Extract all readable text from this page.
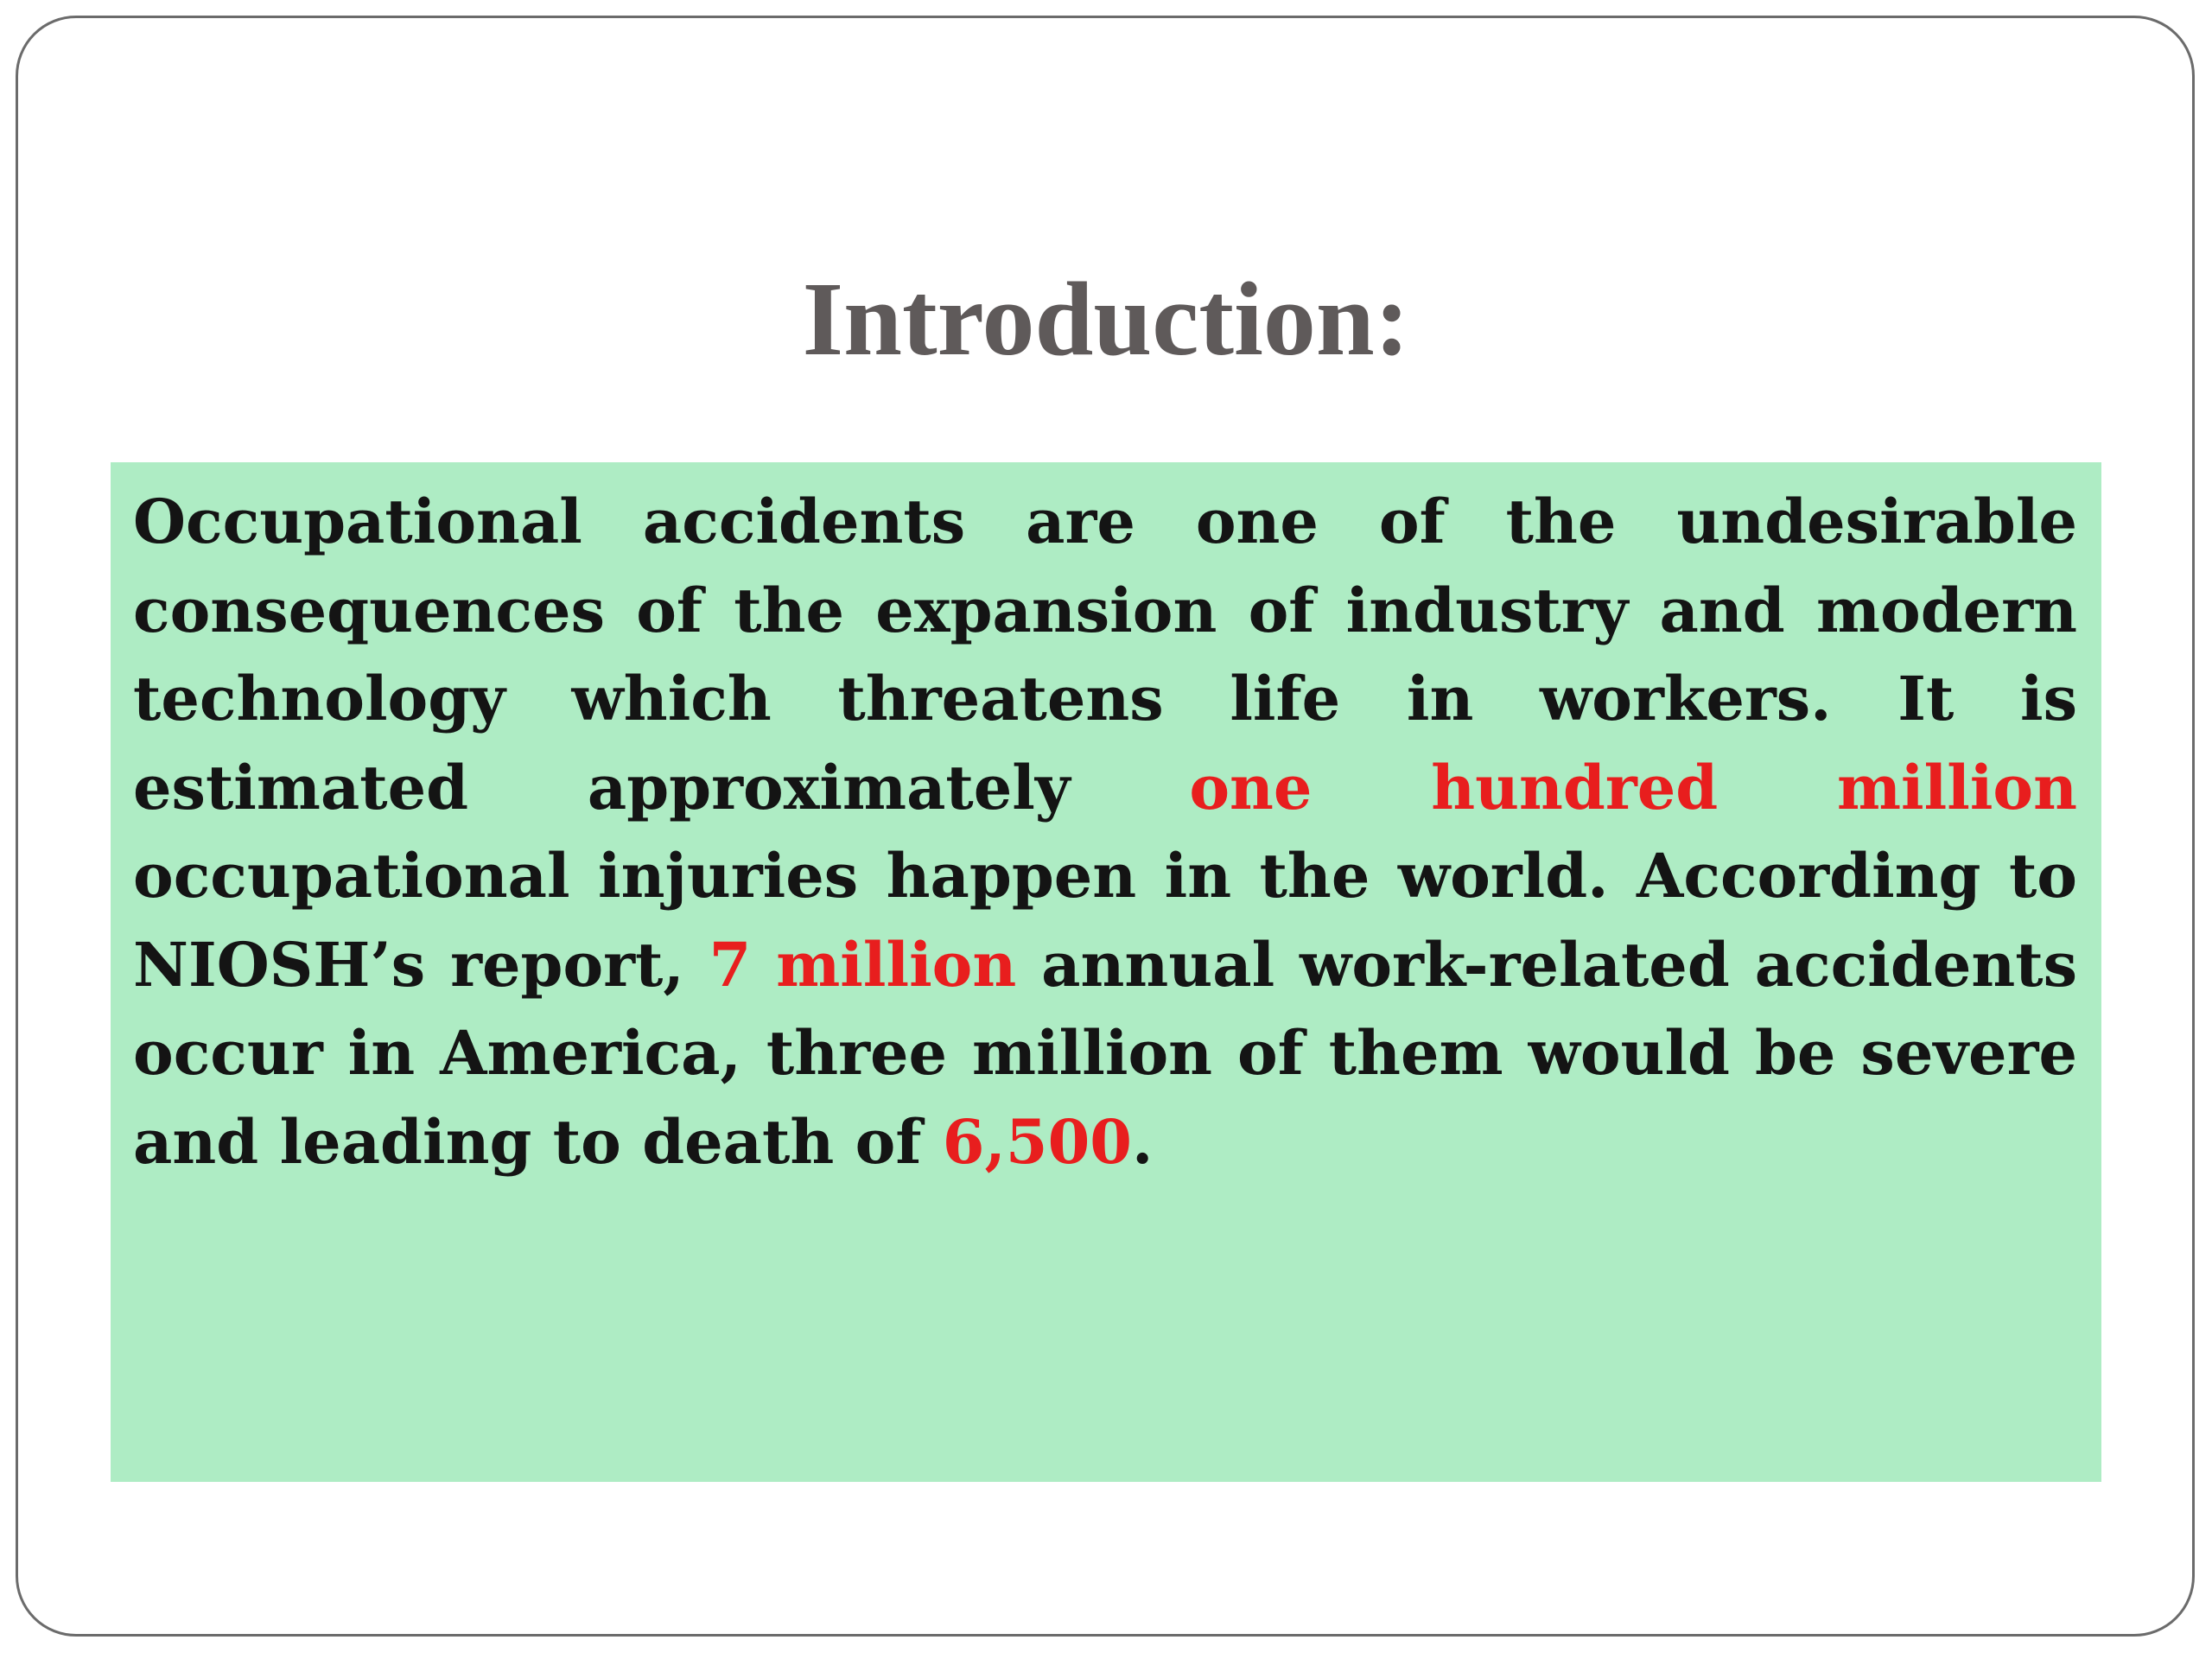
Introduction:

Occupational accidents are one of the undesirable consequences of the expansion of industry and modern technology which threatens life in workers. It is estimated approximately one hundred million occupational injuries happen in the world. According to NIOSH’s report, 7 million annual work-related accidents occur in America, three million of them would be severe and leading to death of 6,500.
